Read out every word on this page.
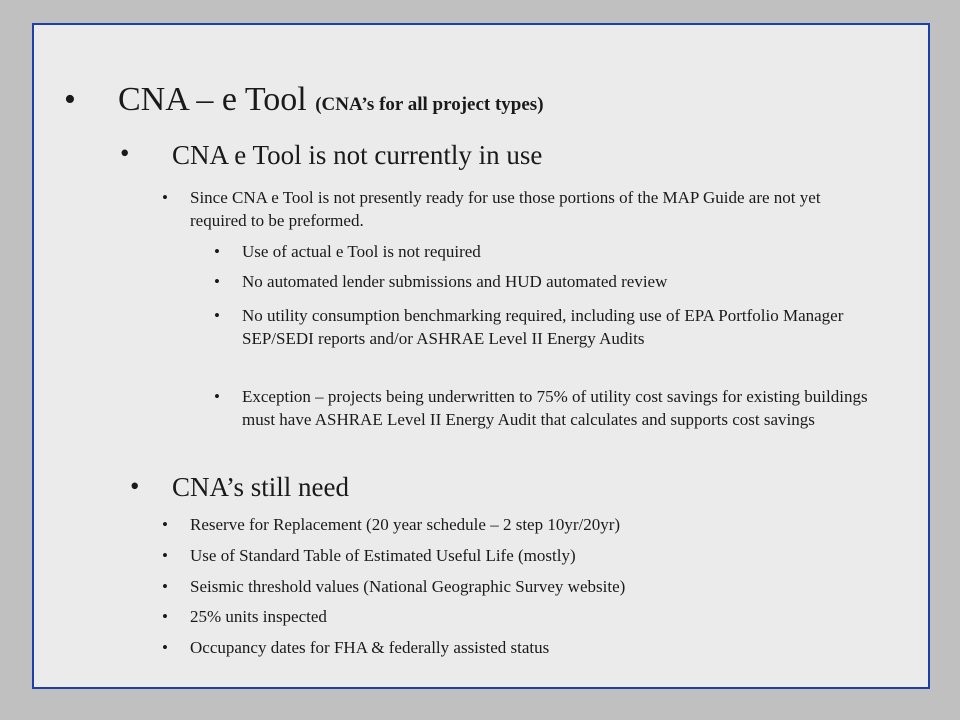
• CNA – e Tool (CNA’s for all project types)
• CNA e Tool is not currently in use
• Since CNA e Tool is not presently ready for use those portions of the MAP Guide are not yet required to be preformed.
• Use of actual e Tool is not required
• No automated lender submissions and HUD automated review
• No utility consumption benchmarking required, including use of EPA Portfolio Manager SEP/SEDI reports and/or ASHRAE Level II Energy Audits
• Exception – projects being underwritten to 75% of utility cost savings for existing buildings must have ASHRAE Level II Energy Audit that calculates and supports cost savings
• CNA’s still need
• Reserve for Replacement (20 year schedule – 2 step 10yr/20yr)
• Use of Standard Table of Estimated Useful Life (mostly)
• Seismic threshold values (National Geographic Survey website)
• 25% units inspected
• Occupancy dates for FHA & federally assisted status
